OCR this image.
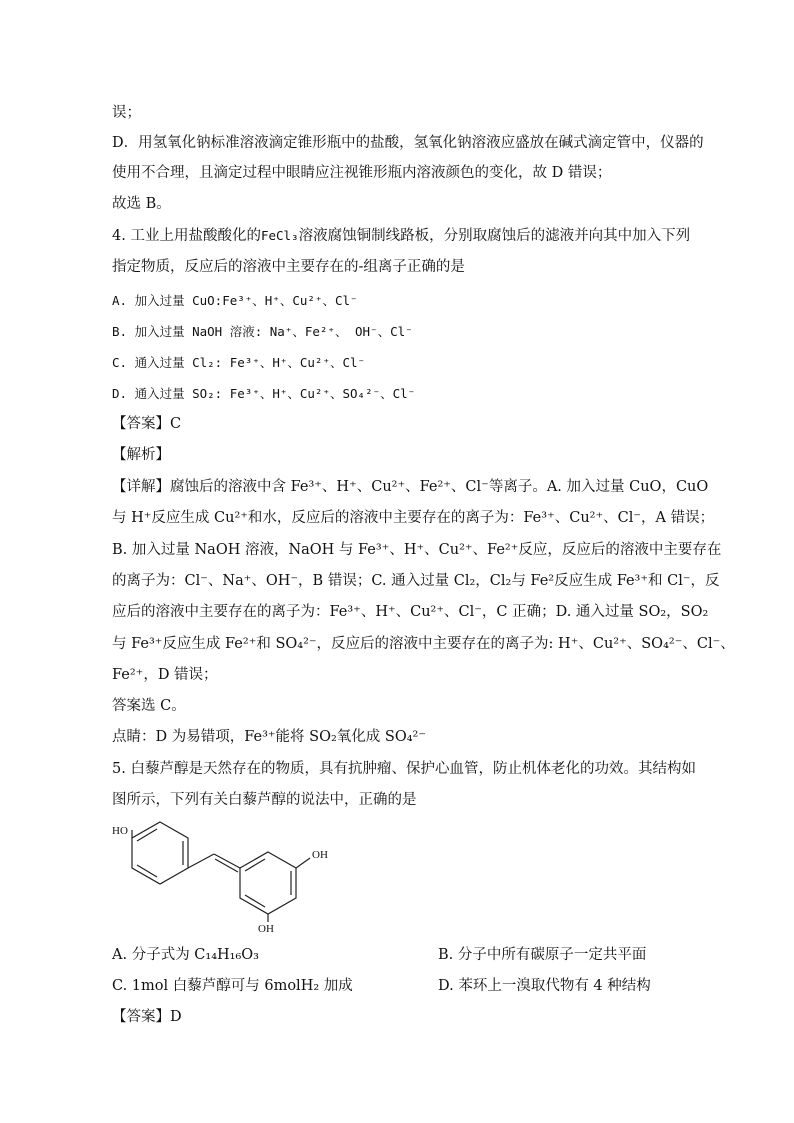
误；
D．用氢氧化钠标准溶液滴定锥形瓶中的盐酸，氢氧化钠溶液应盛放在碱式滴定管中，仪器的
使用不合理，且滴定过程中眼睛应注视锥形瓶内溶液颜色的变化，故 D 错误；
故选 B。
4. 工业上用盐酸酸化的FeCl₃溶液腐蚀铜制线路板，分别取腐蚀后的滤液并向其中加入下列
指定物质，反应后的溶液中主要存在的-组离子正确的是
A. 加入过量 CuO:Fe³⁺、H⁺、Cu²⁺、Cl⁻
B. 加入过量 NaOH 溶液: Na⁺、Fe²⁺、 OH⁻、Cl⁻
C. 通入过量 Cl₂: Fe³⁺、H⁺、Cu²⁺、Cl⁻
D. 通入过量 SO₂: Fe³⁺、H⁺、Cu²⁺、SO₄²⁻、Cl⁻
【答案】C
【解析】
【详解】腐蚀后的溶液中含 Fe³⁺、H⁺、Cu²⁺、Fe²⁺、Cl⁻等离子。A. 加入过量 CuO，CuO
与 H⁺反应生成 Cu²⁺和水，反应后的溶液中主要存在的离子为：Fe³⁺、Cu²⁺、Cl⁻，A 错误；
B. 加入过量 NaOH 溶液，NaOH 与 Fe³⁺、H⁺、Cu²⁺、Fe²⁺反应，反应后的溶液中主要存在
的离子为：Cl⁻、Na⁺、OH⁻，B 错误；C. 通入过量 Cl₂，Cl₂与 Fe²反应生成 Fe³⁺和 Cl⁻，反
应后的溶液中主要存在的离子为：Fe³⁺、H⁺、Cu²⁺、Cl⁻，C 正确；D. 通入过量 SO₂，SO₂
与 Fe³⁺反应生成 Fe²⁺和 SO₄²⁻，反应后的溶液中主要存在的离子为: H⁺、Cu²⁺、SO₄²⁻、Cl⁻、
Fe²⁺，D 错误；
答案选 C。
点睛：D 为易错项，Fe³⁺能将 SO₂氧化成 SO₄²⁻
5. 白藜芦醇是天然存在的物质，具有抗肿瘤、保护心血管，防止机体老化的功效。其结构如
图所示，下列有关白藜芦醇的说法中，正确的是
HO
OH
OH
A. 分子式为 C₁₄H₁₆O₃	B. 分子中所有碳原子一定共平面
C. 1mol 白藜芦醇可与 6molH₂ 加成	D. 苯环上一溴取代物有 4 种结构
【答案】D
